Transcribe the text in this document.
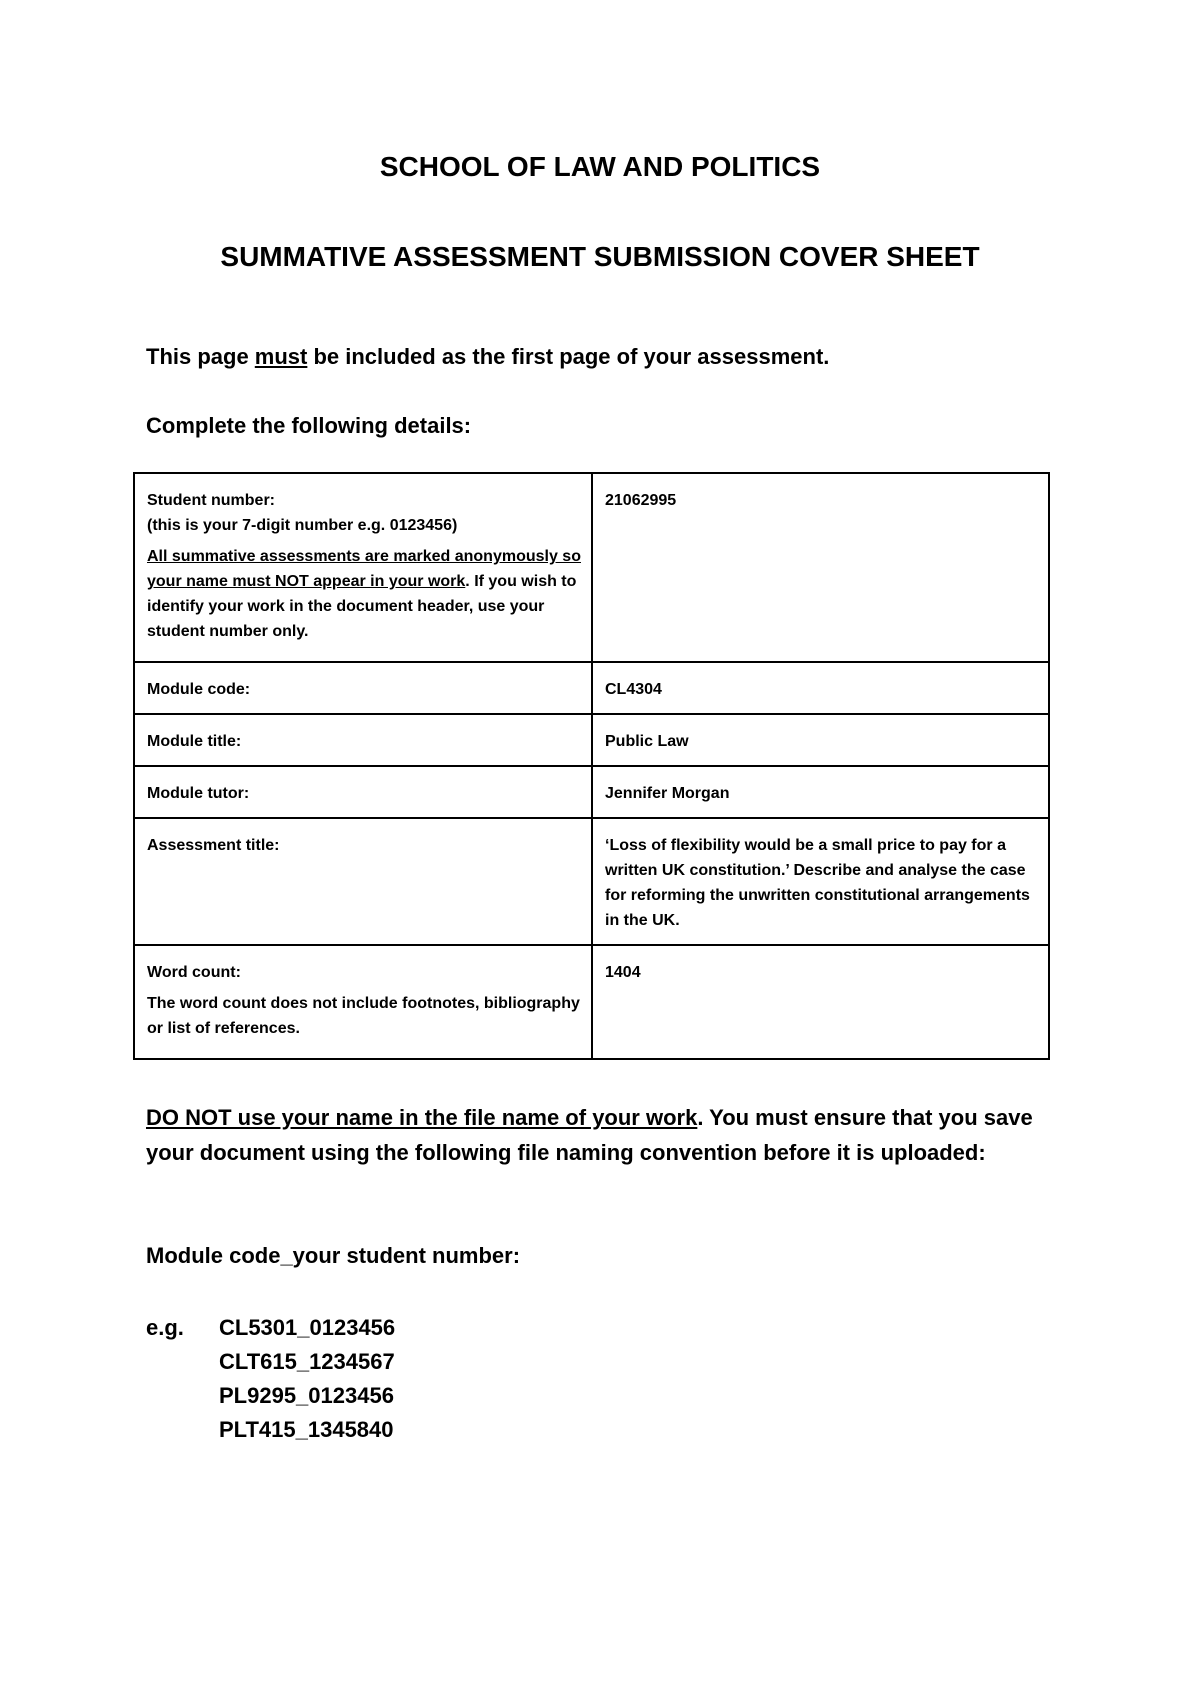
SCHOOL OF LAW AND POLITICS
SUMMATIVE ASSESSMENT SUBMISSION COVER SHEET
This page must be included as the first page of your assessment.
Complete the following details:
Student number:
(this is your 7-digit number e.g. 0123456)
All summative assessments are marked anonymously so your name must NOT appear in your work. If you wish to identify your work in the document header, use your student number only.	21062995
Module code:	CL4304
Module title:	Public Law
Module tutor:	Jennifer Morgan
Assessment title:	‘Loss of flexibility would be a small price to pay for a written UK constitution.’ Describe and analyse the case for reforming the unwritten constitutional arrangements in the UK.

Word count:
The word count does not include footnotes, bibliography or list of references.	1404
DO NOT use your name in the file name of your work. You must ensure that you save your document using the following file naming convention before it is uploaded:
Module code_your student number:
e.g. CL5301_0123456
CLT615_1234567
PL9295_0123456
PLT415_1345840
